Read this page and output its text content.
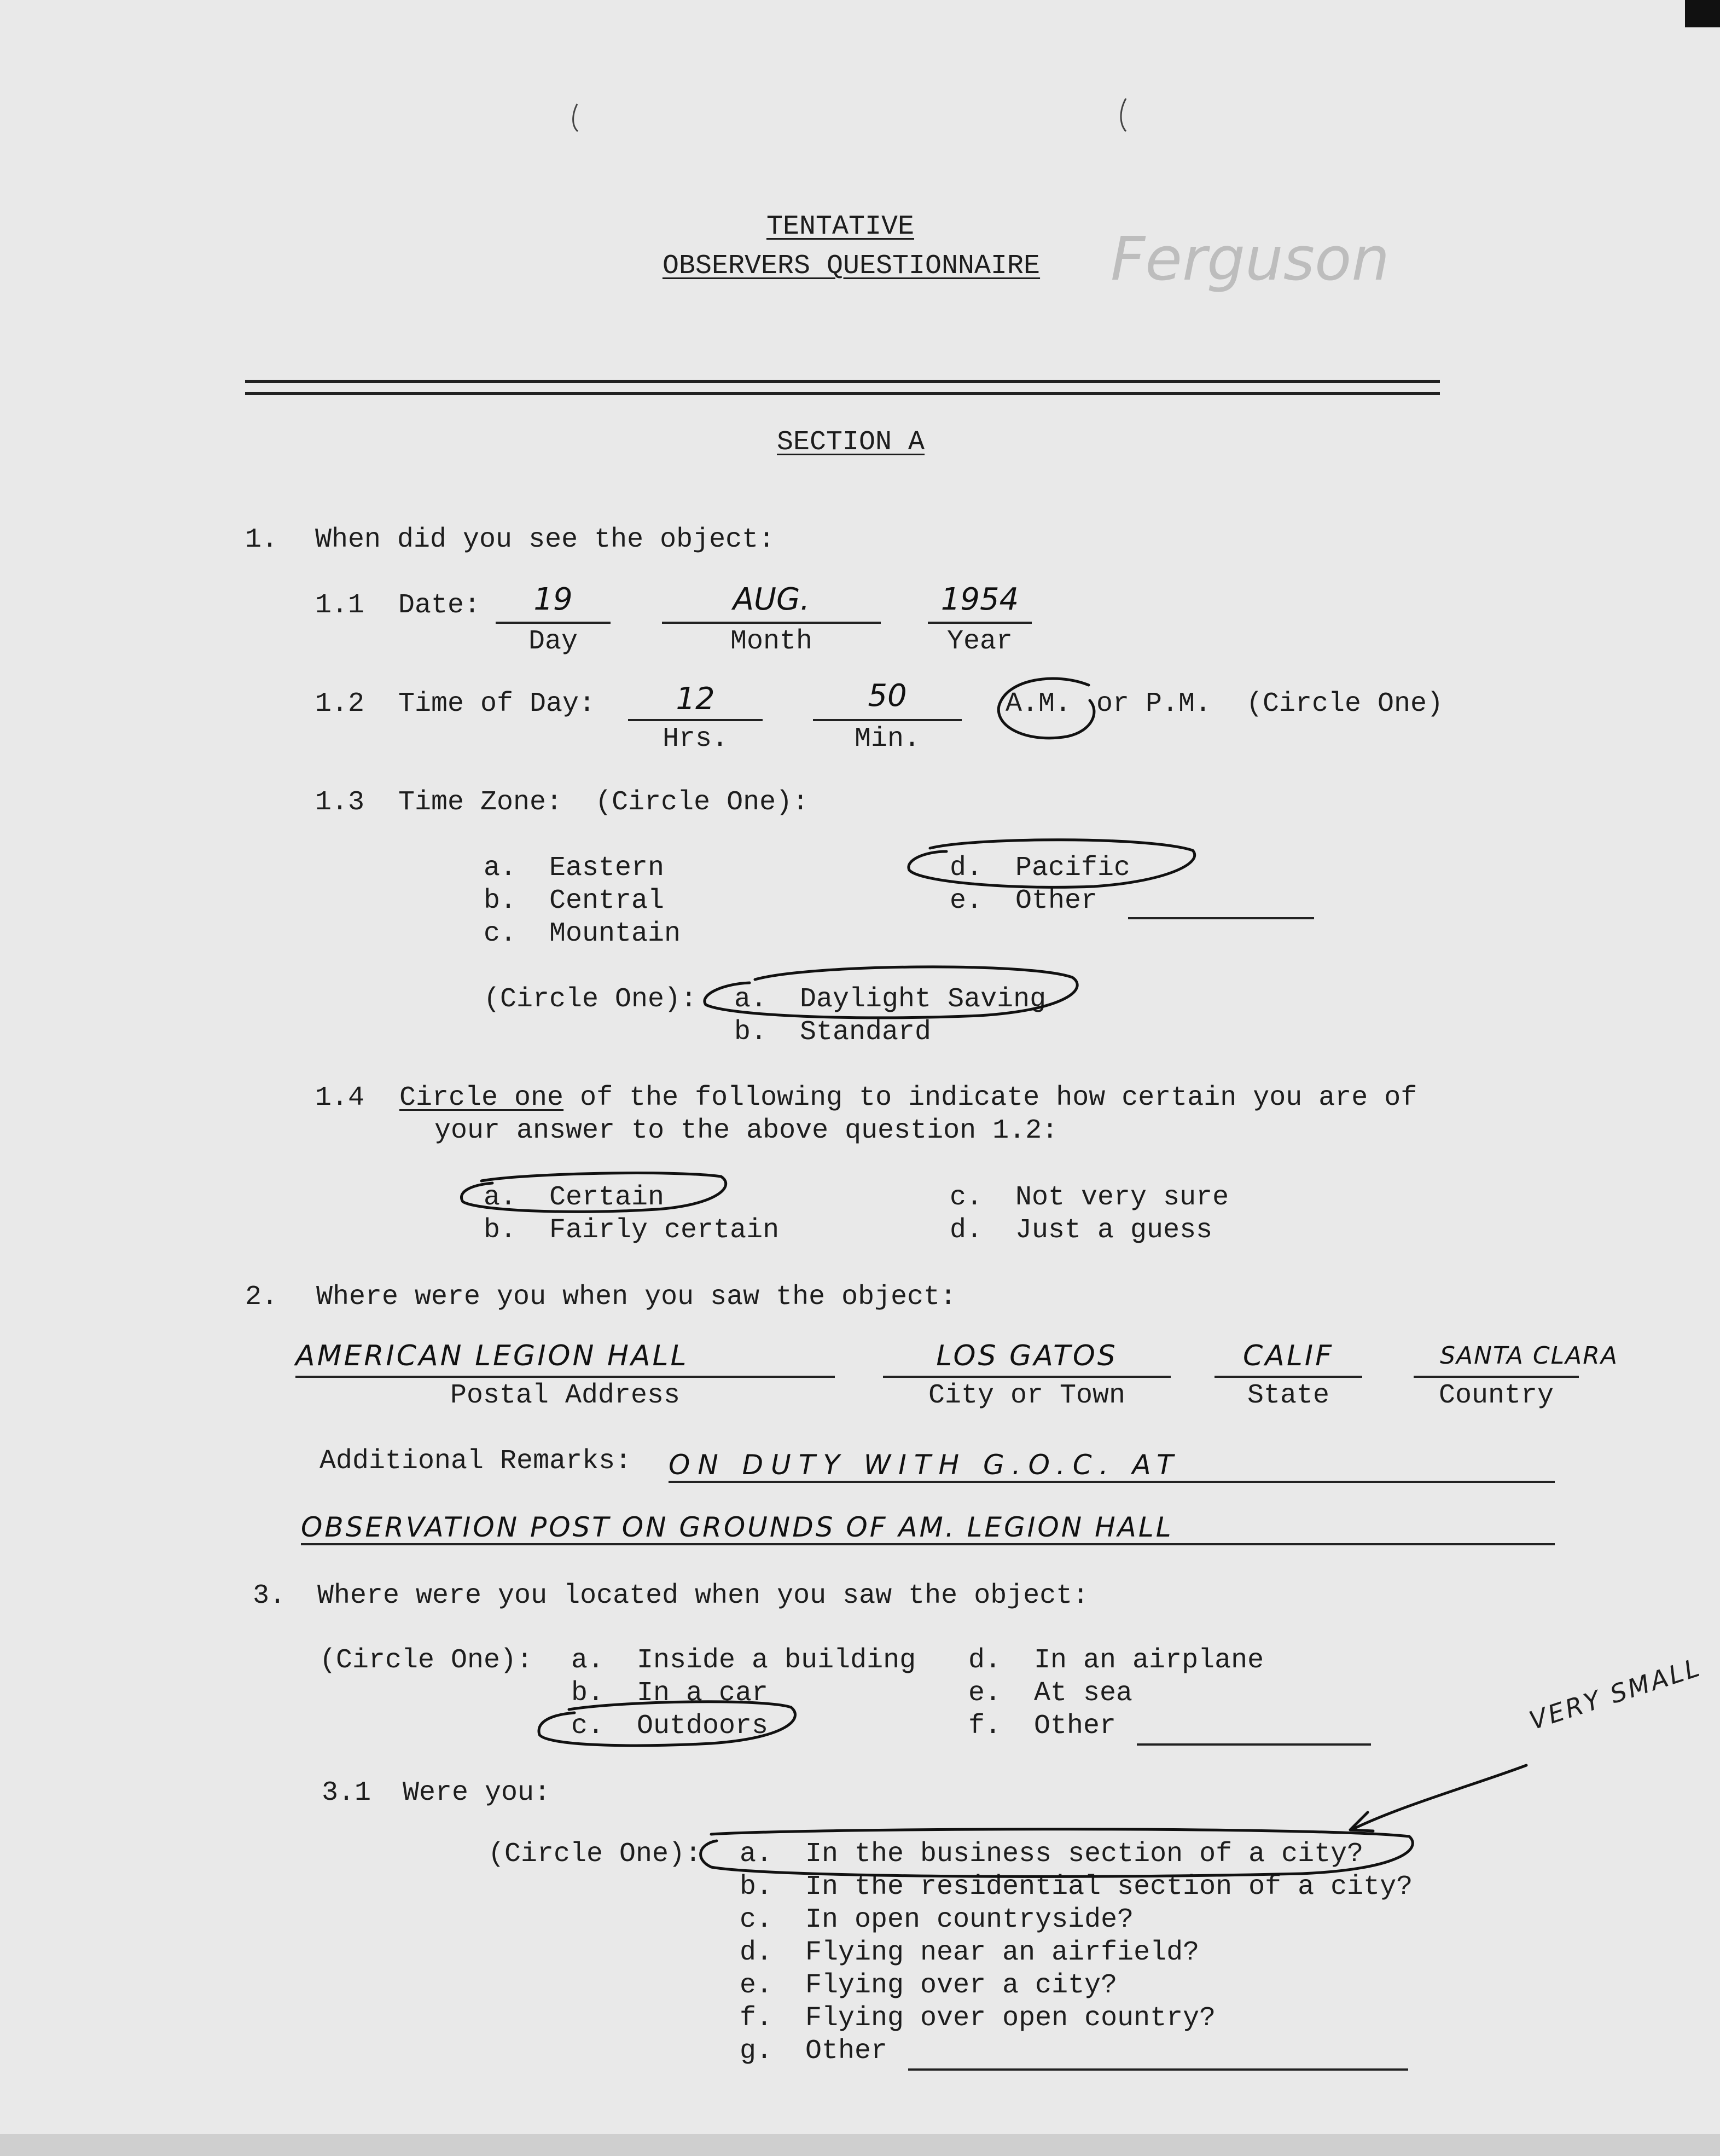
TENTATIVE
OBSERVERS QUESTIONNAIRE Ferguson
SECTION A
1. When did you see the object:
1.1 Date:	19
Day
AUG.
Month
1954
Year
1.2 Time of Day:	12
Hrs.
50
Min.
A.M. or P.M. (Circle One)
1.3 Time Zone:  (Circle One):
a.  Eastern
b.  Central
c.  Mountain
d.  Pacific
e.  Other
(Circle One): a.  Daylight Saving
b.  Standard
1.4 Circle one of the following to indicate how certain you are of
your answer to the above question 1.2:
a.  Certain
b.  Fairly certain
c.  Not very sure
d.  Just a guess
2. Where were you when you saw the object:
AMERICAN LEGION HALL
Postal Address
LOS GATOS
City or Town
CALIF
State
SANTA CLARA
Country
Additional Remarks: ON DUTY WITH G.O.C. AT
OBSERVATION POST ON GROUNDS OF AM. LEGION HALL
3. Where were you located when you saw the object:
(Circle One): a.  Inside a building
b.  In a car
c.  Outdoors
d.  In an airplane
e.  At sea
f.  Other
3.1 Were you:
VERY SMALL
(Circle One): a.  In the business section of a city?
b.  In the residential section of a city?
c.  In open countryside?
d.  Flying near an airfield?
e.  Flying over a city?
f.  Flying over open country?
g.  Other
